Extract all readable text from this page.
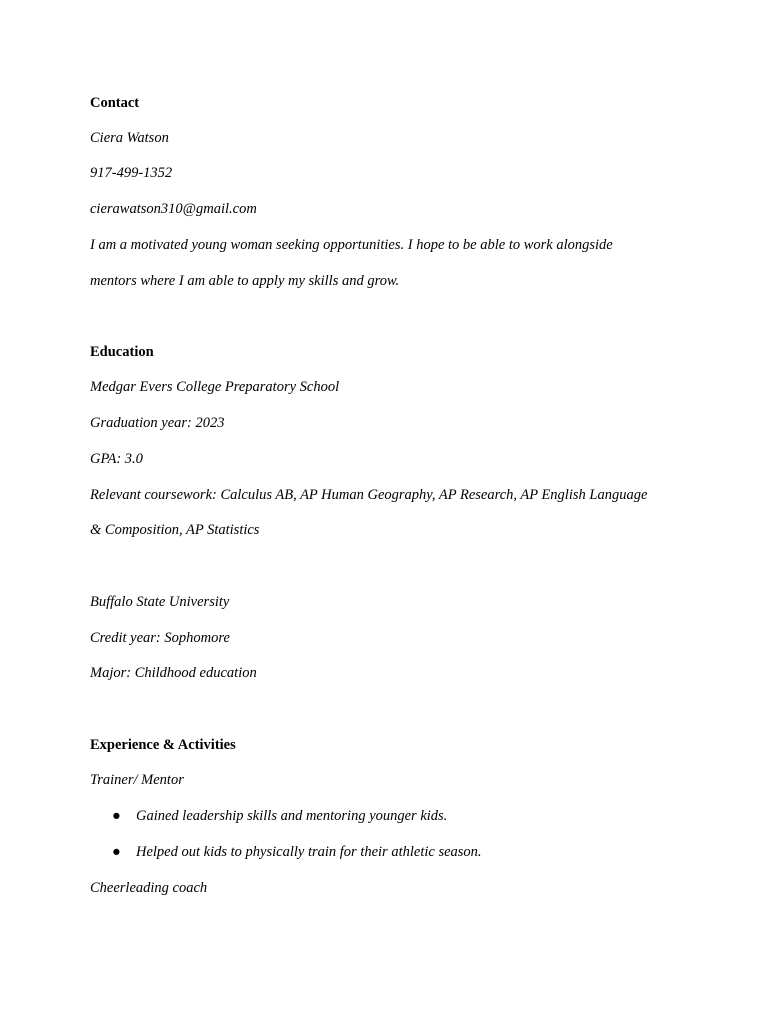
Contact
Ciera Watson
917-499-1352
cierawatson310@gmail.com
I am a motivated young woman seeking opportunities. I hope to be able to work alongside
mentors where I am able to apply my skills and grow.
Education
Medgar Evers College Preparatory School
Graduation year: 2023
GPA: 3.0
Relevant coursework: Calculus AB, AP Human Geography, AP Research, AP English Language
& Composition, AP Statistics
Buffalo State University
Credit year: Sophomore
Major: Childhood education
Experience & Activities
Trainer/ Mentor
● Gained leadership skills and mentoring younger kids.
● Helped out kids to physically train for their athletic season.
Cheerleading coach
